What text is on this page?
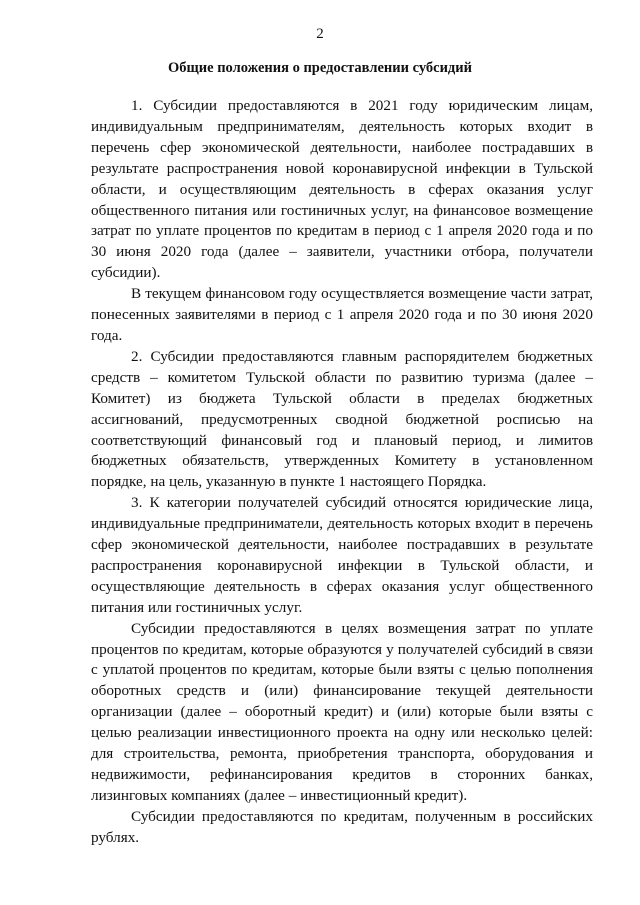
2
Общие положения о предоставлении субсидий

1. Субсидии предоставляются в 2021 году юридическим лицам, индивидуальным предпринимателям, деятельность которых входит в перечень сфер экономической деятельности, наиболее пострадавших в результате распространения новой коронавирусной инфекции в Тульской области, и осуществляющим деятельность в сферах оказания услуг общественного питания или гостиничных услуг, на финансовое возмещение затрат по уплате процентов по кредитам в период с 1 апреля 2020 года и по 30 июня 2020 года (далее – заявители, участники отбора, получатели субсидии).

В текущем финансовом году осуществляется возмещение части затрат, понесенных заявителями в период с 1 апреля 2020 года и по 30 июня 2020 года.

2. Субсидии предоставляются главным распорядителем бюджетных средств – комитетом Тульской области по развитию туризма (далее – Комитет) из бюджета Тульской области в пределах бюджетных ассигнований, предусмотренных сводной бюджетной росписью на соответствующий финансовый год и плановый период, и лимитов бюджетных обязательств, утвержденных Комитету в установленном порядке, на цель, указанную в пункте 1 настоящего Порядка.

3. К категории получателей субсидий относятся юридические лица, индивидуальные предприниматели, деятельность которых входит в перечень сфер экономической деятельности, наиболее пострадавших в результате распространения коронавирусной инфекции в Тульской области, и осуществляющие деятельность в сферах оказания услуг общественного питания или гостиничных услуг.

Субсидии предоставляются в целях возмещения затрат по уплате процентов по кредитам, которые образуются у получателей субсидий в связи с уплатой процентов по кредитам, которые были взяты с целью пополнения оборотных средств и (или) финансирование текущей деятельности организации (далее – оборотный кредит) и (или) которые были взяты с целью реализации инвестиционного проекта на одну или несколько целей: для строительства, ремонта, приобретения транспорта, оборудования и недвижимости, рефинансирования кредитов в сторонних банках, лизинговых компаниях (далее – инвестиционный кредит).

Субсидии предоставляются по кредитам, полученным в российских рублях.
